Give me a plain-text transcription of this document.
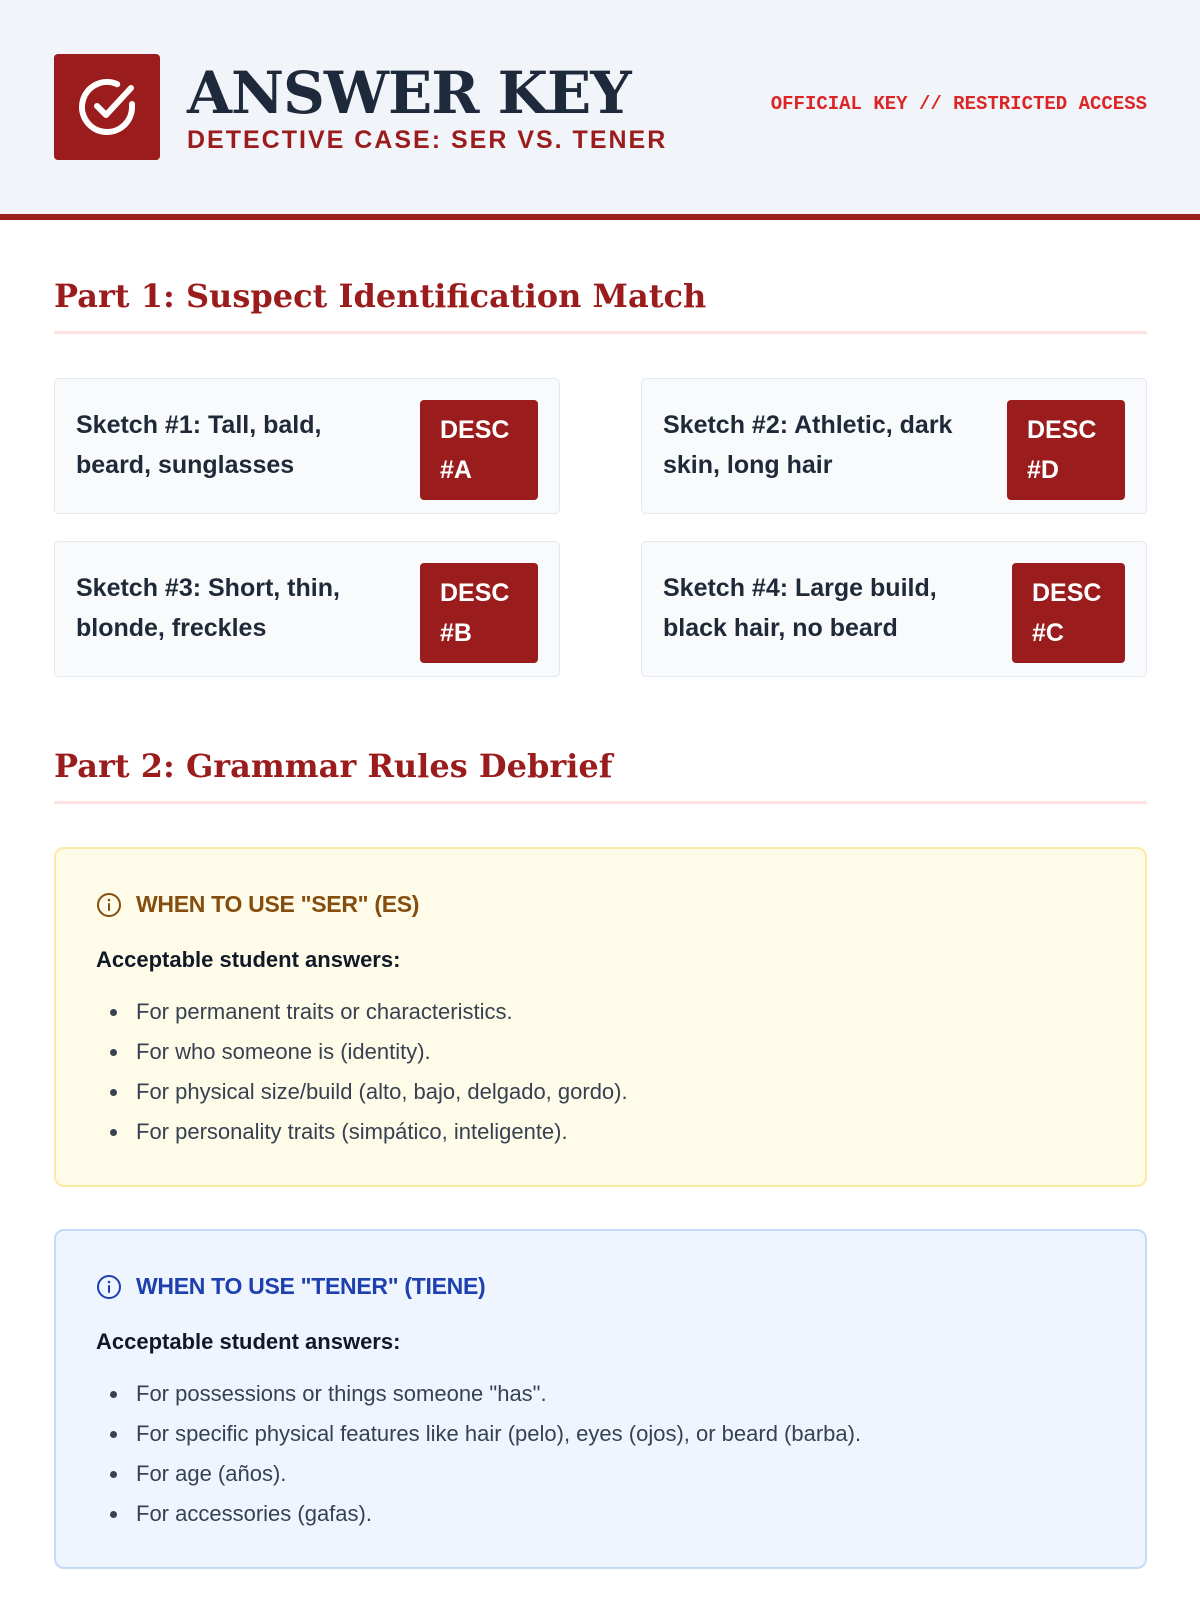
ANSWER KEY
DETECTIVE CASE: SER VS. TENER
OFFICIAL KEY // RESTRICTED ACCESS
Part 1: Suspect Identification Match
Sketch #1: Tall, bald, beard, sunglasses
DESC
#A
Sketch #2: Athletic, dark skin, long hair
DESC
#D
Sketch #3: Short, thin, blonde, freckles
DESC
#B
Sketch #4: Large build, black hair, no beard
DESC
#C
Part 2: Grammar Rules Debrief
WHEN TO USE "SER" (ES)
Acceptable student answers:
For permanent traits or characteristics.
For who someone is (identity).
For physical size/build (alto, bajo, delgado, gordo).
For personality traits (simpático, inteligente).
WHEN TO USE "TENER" (TIENE)
Acceptable student answers:
For possessions or things someone "has".
For specific physical features like hair (pelo), eyes (ojos), or beard (barba).
For age (años).
For accessories (gafas).
